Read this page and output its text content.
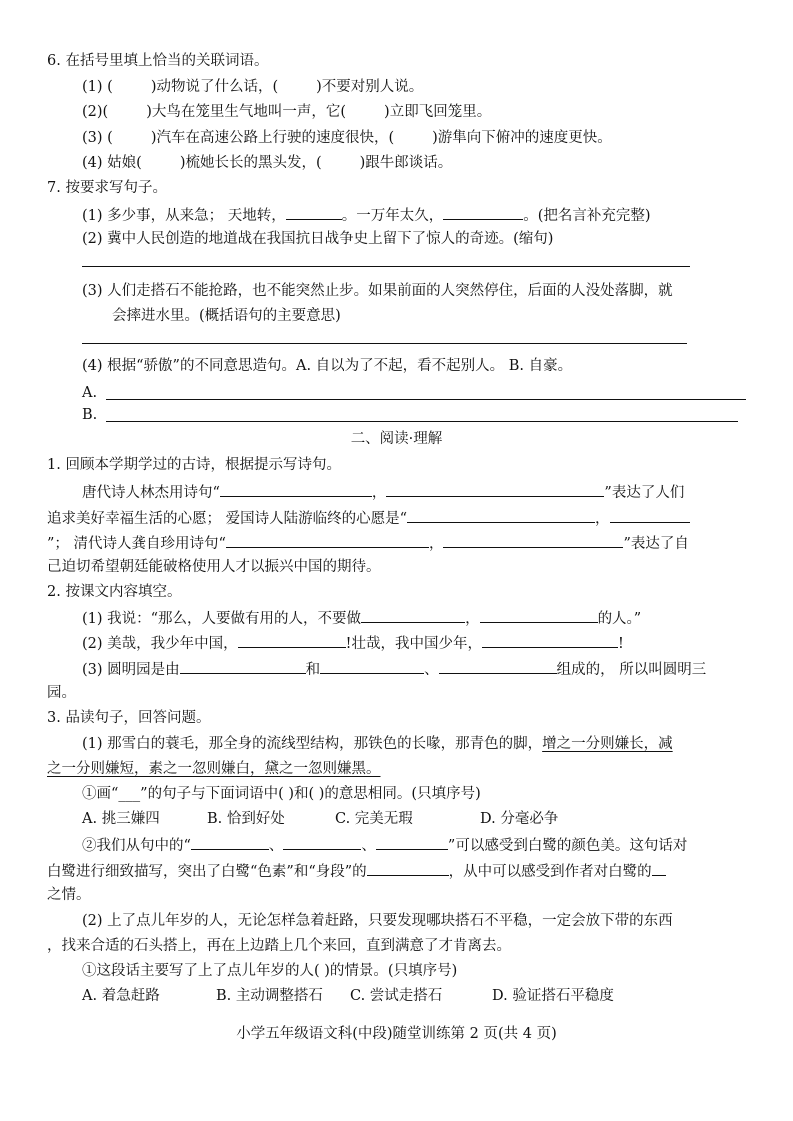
6. 在括号里填上恰当的关联词语。
(1) (	)动物说了什么话，(	)不要对别人说。
(2)(	)大鸟在笼里生气地叫一声，它(	)立即飞回笼里。
(3) (	)汽车在高速公路上行驶的速度很快，(	)游隼向下俯冲的速度更快。
(4) 姑娘(	)梳她长长的黑头发，(	)跟牛郎谈话。
7. 按要求写句子。
(1) 多少事，从来急； 天地转，	。一万年太久，	。(把名言补充完整)
(2) 冀中人民创造的地道战在我国抗日战争史上留下了惊人的奇迹。(缩句)
(3) 人们走搭石不能抢路，也不能突然止步。如果前面的人突然停住，后面的人没处落脚，就
会摔进水里。(概括语句的主要意思)
(4) 根据“骄傲”的不同意思造句。A. 自以为了不起，看不起别人。 B. 自豪。
A.
B.
二、阅读·理解
1. 回顾本学期学过的古诗，根据提示写诗句。
唐代诗人林杰用诗句“	，	”表达了人们
追求美好幸福生活的心愿； 爱国诗人陆游临终的心愿是“	，
”； 清代诗人龚自珍用诗句“	，	”表达了自
己迫切希望朝廷能破格使用人才以振兴中国的期待。
2. 按课文内容填空。
(1) 我说：“那么，人要做有用的人，不要做	，	的人。”
(2) 美哉，我少年中国，	!壮哉，我中国少年，	!
(3) 圆明园是由	和	、	组成的， 所以叫圆明三
园。
3. 品读句子，回答问题。
(1) 那雪白的蓑毛，那全身的流线型结构，那铁色的长喙，那青色的脚，增之一分则嫌长，减
之一分则嫌短，素之一忽则嫌白，黛之一忽则嫌黑。
①画“___”的句子与下面词语中( )和( )的意思相同。(只填序号)
A. 挑三嫌四	B. 恰到好处	C. 完美无瑕	D. 分毫必争
②我们从句中的“	、	、	”可以感受到白鹭的颜色美。这句话对
白鹭进行细致描写，突出了白鹭“色素”和“身段”的	，从中可以感受到作者对白鹭的
之情。
(2) 上了点儿年岁的人，无论怎样急着赶路，只要发现哪块搭石不平稳，一定会放下带的东西
，找来合适的石头搭上，再在上边踏上几个来回，直到满意了才肯离去。
①这段话主要写了上了点儿年岁的人( )的情景。(只填序号)
A. 着急赶路	B. 主动调整搭石 C. 尝试走搭石	D. 验证搭石平稳度
小学五年级语文科(中段)随堂训练第 2 页(共 4 页)
